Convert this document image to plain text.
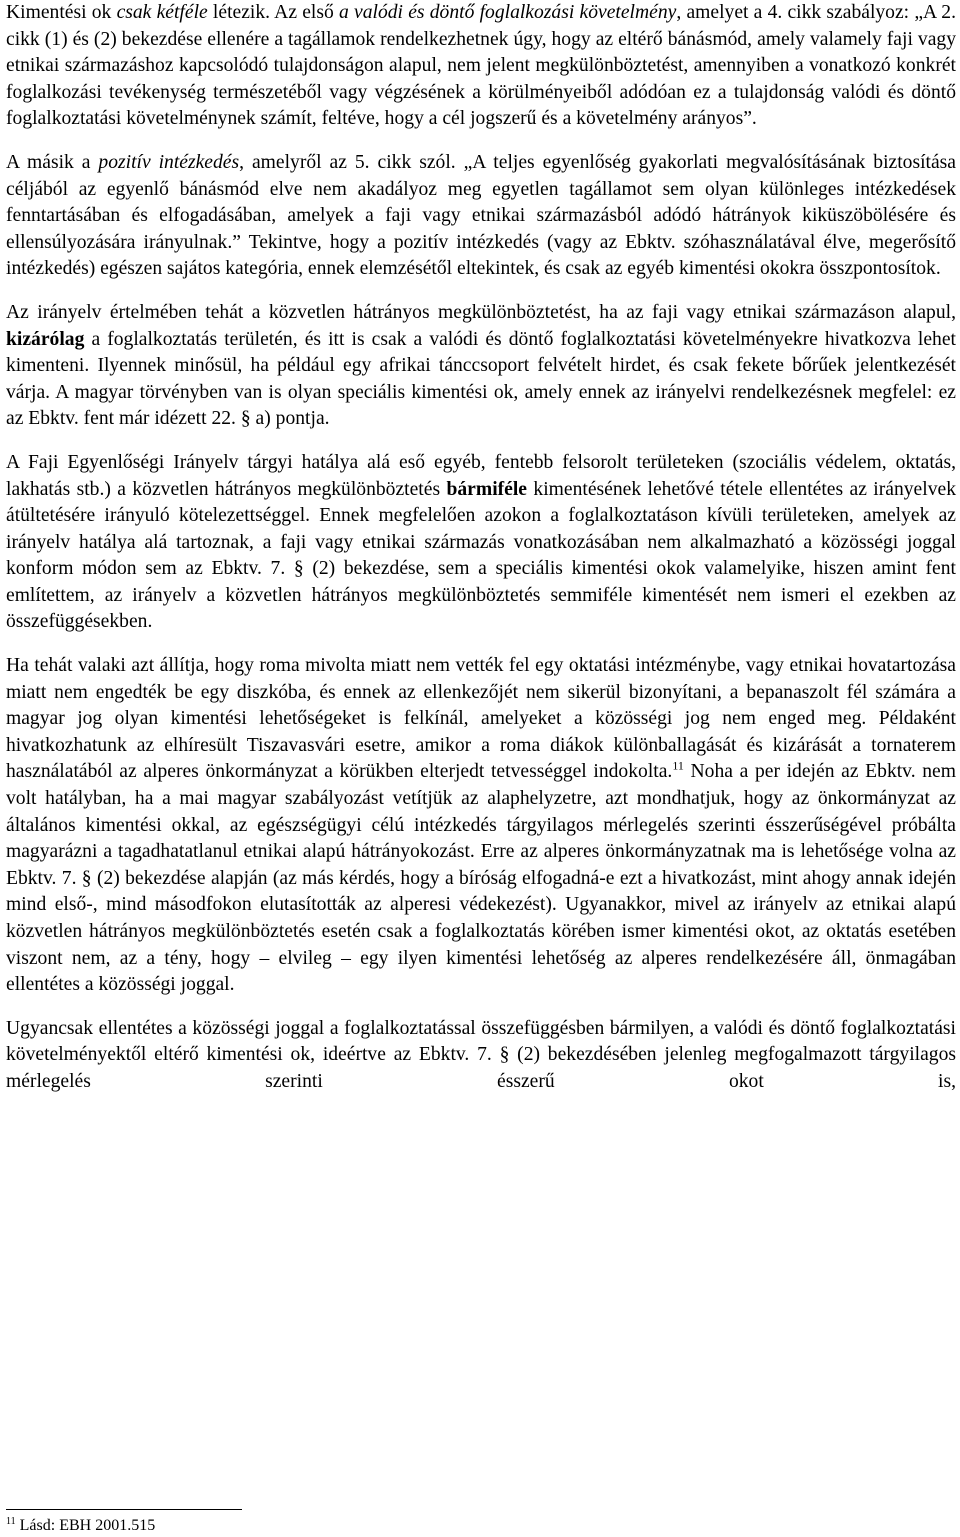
Kimentési ok csak kétféle létezik. Az első a valódi és döntő foglalkozási követelmény, amelyet a 4. cikk szabályoz: „A 2. cikk (1) és (2) bekezdése ellenére a tagállamok rendelkezhetnek úgy, hogy az eltérő bánásmód, amely valamely faji vagy etnikai származáshoz kapcsolódó tulajdonságon alapul, nem jelent megkülönböztetést, amennyiben a vonatkozó konkrét foglalkozási tevékenység természetéből vagy végzésének a körülményeiből adódóan ez a tulajdonság valódi és döntő foglalkoztatási követelménynek számít, feltéve, hogy a cél jogszerű és a követelmény arányos”.

A másik a pozitív intézkedés, amelyről az 5. cikk szól. „A teljes egyenlőség gyakorlati megvalósításának biztosítása céljából az egyenlő bánásmód elve nem akadályoz meg egyetlen tagállamot sem olyan különleges intézkedések fenntartásában és elfogadásában, amelyek a faji vagy etnikai származásból adódó hátrányok kiküszöbölésére és ellensúlyozására irányulnak.” Tekintve, hogy a pozitív intézkedés (vagy az Ebktv. szóhasználatával élve, megerősítő intézkedés) egészen sajátos kategória, ennek elemzésétől eltekintek, és csak az egyéb kimentési okokra összpontosítok.

Az irányelv értelmében tehát a közvetlen hátrányos megkülönböztetést, ha az faji vagy etnikai származáson alapul, kizárólag a foglalkoztatás területén, és itt is csak a valódi és döntő foglalkoztatási követelményekre hivatkozva lehet kimenteni. Ilyennek minősül, ha például egy afrikai tánccsoport felvételt hirdet, és csak fekete bőrűek jelentkezését várja. A magyar törvényben van is olyan speciális kimentési ok, amely ennek az irányelvi rendelkezésnek megfelel: ez az Ebktv. fent már idézett 22. § a) pontja.

A Faji Egyenlőségi Irányelv tárgyi hatálya alá eső egyéb, fentebb felsorolt területeken (szociális védelem, oktatás, lakhatás stb.) a közvetlen hátrányos megkülönböztetés bármiféle kimentésének lehetővé tétele ellentétes az irányelvek átültetésére irányuló kötelezettséggel. Ennek megfelelően azokon a foglalkoztatáson kívüli területeken, amelyek az irányelv hatálya alá tartoznak, a faji vagy etnikai származás vonatkozásában nem alkalmazható a közösségi joggal konform módon sem az Ebktv. 7. § (2) bekezdése, sem a speciális kimentési okok valamelyike, hiszen amint fent említettem, az irányelv a közvetlen hátrányos megkülönböztetés semmiféle kimentését nem ismeri el ezekben az összefüggésekben.

Ha tehát valaki azt állítja, hogy roma mivolta miatt nem vették fel egy oktatási intézménybe, vagy etnikai hovatartozása miatt nem engedték be egy diszkóba, és ennek az ellenkezőjét nem sikerül bizonyítani, a bepanaszolt fél számára a magyar jog olyan kimentési lehetőségeket is felkínál, amelyeket a közösségi jog nem enged meg. Példaként hivatkozhatunk az elhíresült Tiszavasvári esetre, amikor a roma diákok különballagását és kizárását a tornaterem használatából az alperes önkormányzat a körükben elterjedt tetvességgel indokolta.$^{11}$ Noha a per idején az Ebktv. nem volt hatályban, ha a mai magyar szabályozást vetítjük az alaphelyzetre, azt mondhatjuk, hogy az önkormányzat az általános kimentési okkal, az egészségügyi célú intézkedés tárgyilagos mérlegelés szerinti ésszerűségével próbálta magyarázni a tagadhatatlanul etnikai alapú hátrányokozást. Erre az alperes önkormányzatnak ma is lehetősége volna az Ebktv. 7. § (2) bekezdése alapján (az más kérdés, hogy a bíróság elfogadná-e ezt a hivatkozást, mint ahogy annak idején mind első-, mind másodfokon elutasították az alperesi védekezést). Ugyanakkor, mivel az irányelv az etnikai alapú közvetlen hátrányos megkülönböztetés esetén csak a foglalkoztatás körében ismer kimentési okot, az oktatás esetében viszont nem, az a tény, hogy – elvileg – egy ilyen kimentési lehetőség az alperes rendelkezésére áll, önmagában ellentétes a közösségi joggal.

Ugyancsak ellentétes a közösségi joggal a foglalkoztatással összefüggésben bármilyen, a valódi és döntő foglalkoztatási követelményektől eltérő kimentési ok, ideértve az Ebktv. 7. § (2) bekezdésében jelenleg megfogalmazott tárgyilagos mérlegelés szerinti ésszerű okot is,

$^{11}$ Lásd: EBH 2001.515
